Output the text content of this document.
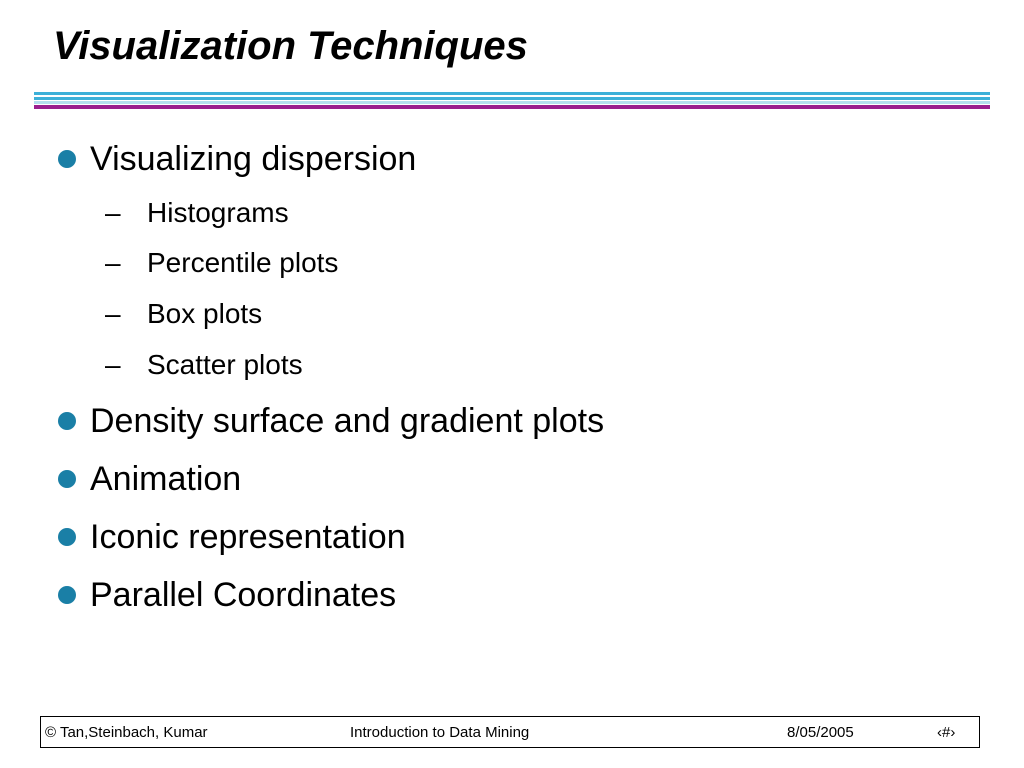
Visualization Techniques
Visualizing dispersion
– Histograms
– Percentile plots
– Box plots
– Scatter plots
Density surface and gradient plots
Animation
Iconic representation
Parallel Coordinates
© Tan,Steinbach, Kumar	Introduction to Data Mining	8/05/2005	‹#›
